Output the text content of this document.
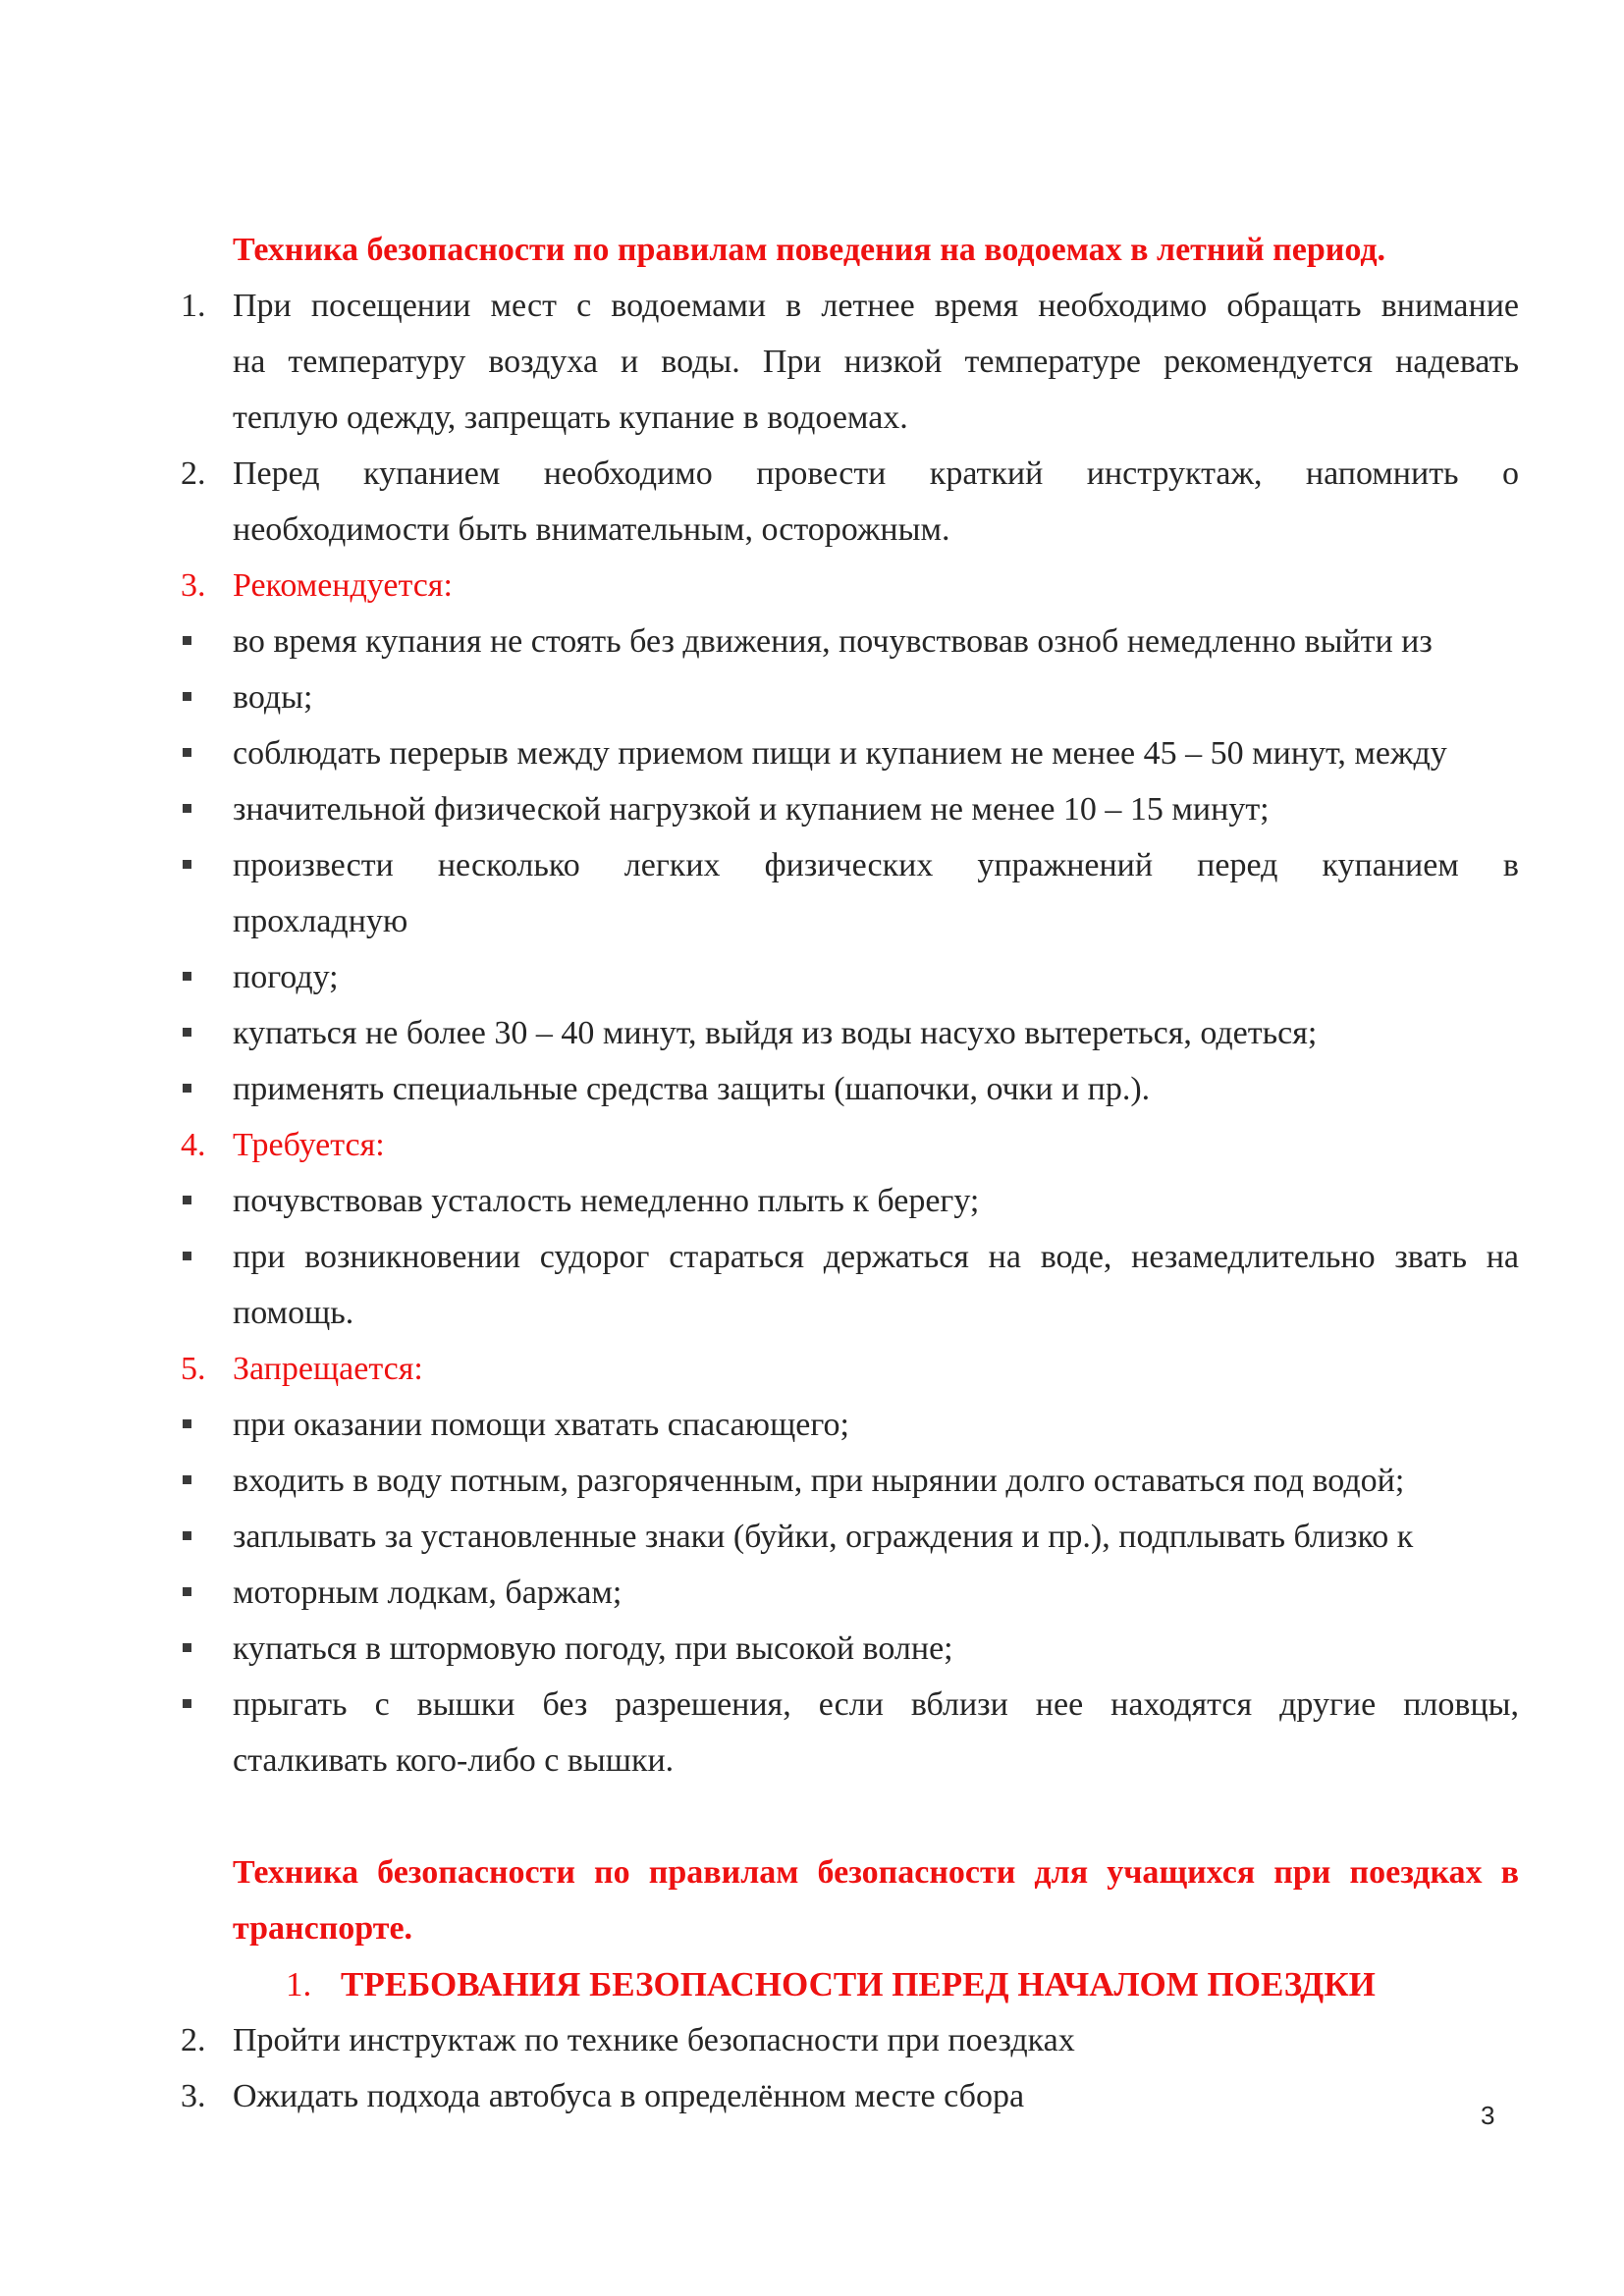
Техника безопасности по правилам поведения на водоемах в летний период.
1. При посещении мест с водоемами в летнее время необходимо обращать внимание
на температуру воздуха и воды. При низкой температуре рекомендуется надевать
теплую одежду, запрещать купание в водоемах.
2. Перед купанием необходимо провести краткий инструктаж, напомнить о
необходимости быть внимательным, осторожным.
3. Рекомендуется:
во время купания не стоять без движения, почувствовав озноб немедленно выйти из
воды;
соблюдать перерыв между приемом пищи и купанием не менее 45 – 50 минут, между
значительной физической нагрузкой и купанием не менее 10 – 15 минут;
произвести несколько легких физических упражнений перед купанием в
прохладную
погоду;
купаться не более 30 – 40 минут, выйдя из воды насухо вытереться, одеться;
применять специальные средства защиты (шапочки, очки и пр.).
4. Требуется:
почувствовав усталость немедленно плыть к берегу;
при возникновении судорог стараться держаться на воде, незамедлительно звать на
помощь.
5. Запрещается:
при оказании помощи хватать спасающего;
входить в воду потным, разгоряченным, при нырянии долго оставаться под водой;
заплывать за установленные знаки (буйки, ограждения и пр.), подплывать близко к
моторным лодкам, баржам;
купаться в штормовую погоду, при высокой волне;
прыгать с вышки без разрешения, если вблизи нее находятся другие пловцы,
сталкивать кого-либо с вышки.
Техника безопасности по правилам безопасности для учащихся при поездках в
транспорте.
1. ТРЕБОВАНИЯ БЕЗОПАСНОСТИ ПЕРЕД НАЧАЛОМ ПОЕЗДКИ
2. Пройти инструктаж по технике безопасности при поездках
3. Ожидать подхода автобуса в определённом месте сбора
3
